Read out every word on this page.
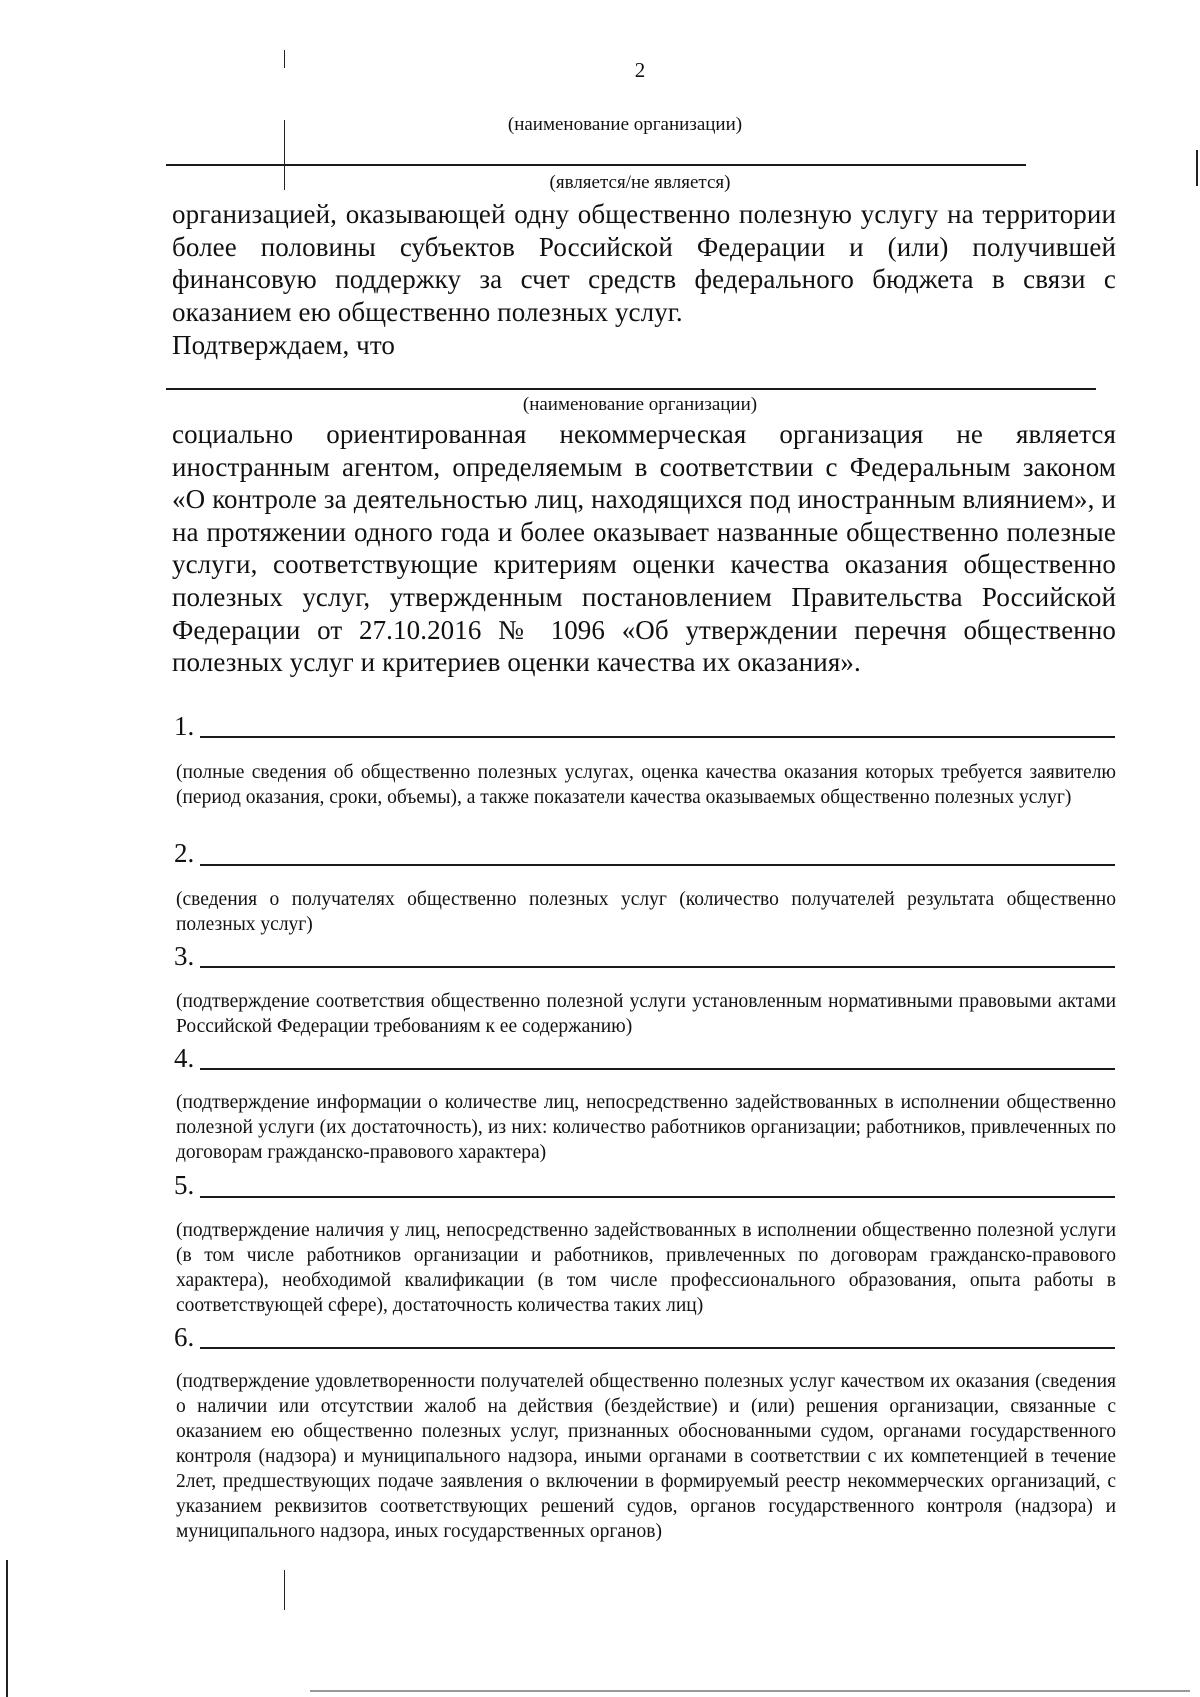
2
(наименование организации)
(является/не является)
организацией, оказывающей одну общественно полезную услугу на территории более половины субъектов Российской Федерации и (или) получившей финансовую поддержку за счет средств федерального бюджета в связи с оказанием ею общественно полезных услуг.
Подтверждаем, что
(наименование организации)
социально ориентированная некоммерческая организация не является иностранным агентом, определяемым в соответствии с Федеральным законом «О контроле за деятельностью лиц, находящихся под иностранным влиянием», и на протяжении одного года и более оказывает названные общественно полезные услуги, соответствующие критериям оценки качества оказания общественно полезных услуг, утвержденным постановлением Правительства Российской Федерации от 27.10.2016 № 1096 «Об утверждении перечня общественно полезных услуг и критериев оценки качества их оказания».
1.
(полные сведения об общественно полезных услугах, оценка качества оказания которых требуется заявителю (период оказания, сроки, объемы), а также показатели качества оказываемых общественно полезных услуг)
2.
(сведения о получателях общественно полезных услуг (количество получателей результата общественно полезных услуг)
3.
(подтверждение соответствия общественно полезной услуги установленным нормативными правовыми актами Российской Федерации требованиям к ее содержанию)
4.
(подтверждение информации о количестве лиц, непосредственно задействованных в исполнении общественно полезной услуги (их достаточность), из них: количество работников организации; работников, привлеченных по договорам гражданско-правового характера)
5.
(подтверждение наличия у лиц, непосредственно задействованных в исполнении общественно полезной услуги (в том числе работников организации и работников, привлеченных по договорам гражданско-правового характера), необходимой квалификации (в том числе профессионального образования, опыта работы в соответствующей сфере), достаточность количества таких лиц)
6.
(подтверждение удовлетворенности получателей общественно полезных услуг качеством их оказания (сведения о наличии или отсутствии жалоб на действия (бездействие) и (или) решения организации, связанные с оказанием ею общественно полезных услуг, признанных обоснованными судом, органами государственного контроля (надзора) и муниципального надзора, иными органами в соответствии с их компетенцией в течение 2лет, предшествующих подаче заявления о включении в формируемый реестр некоммерческих организаций, с указанием реквизитов соответствующих решений судов, органов государственного контроля (надзора) и муниципального надзора, иных государственных органов)
